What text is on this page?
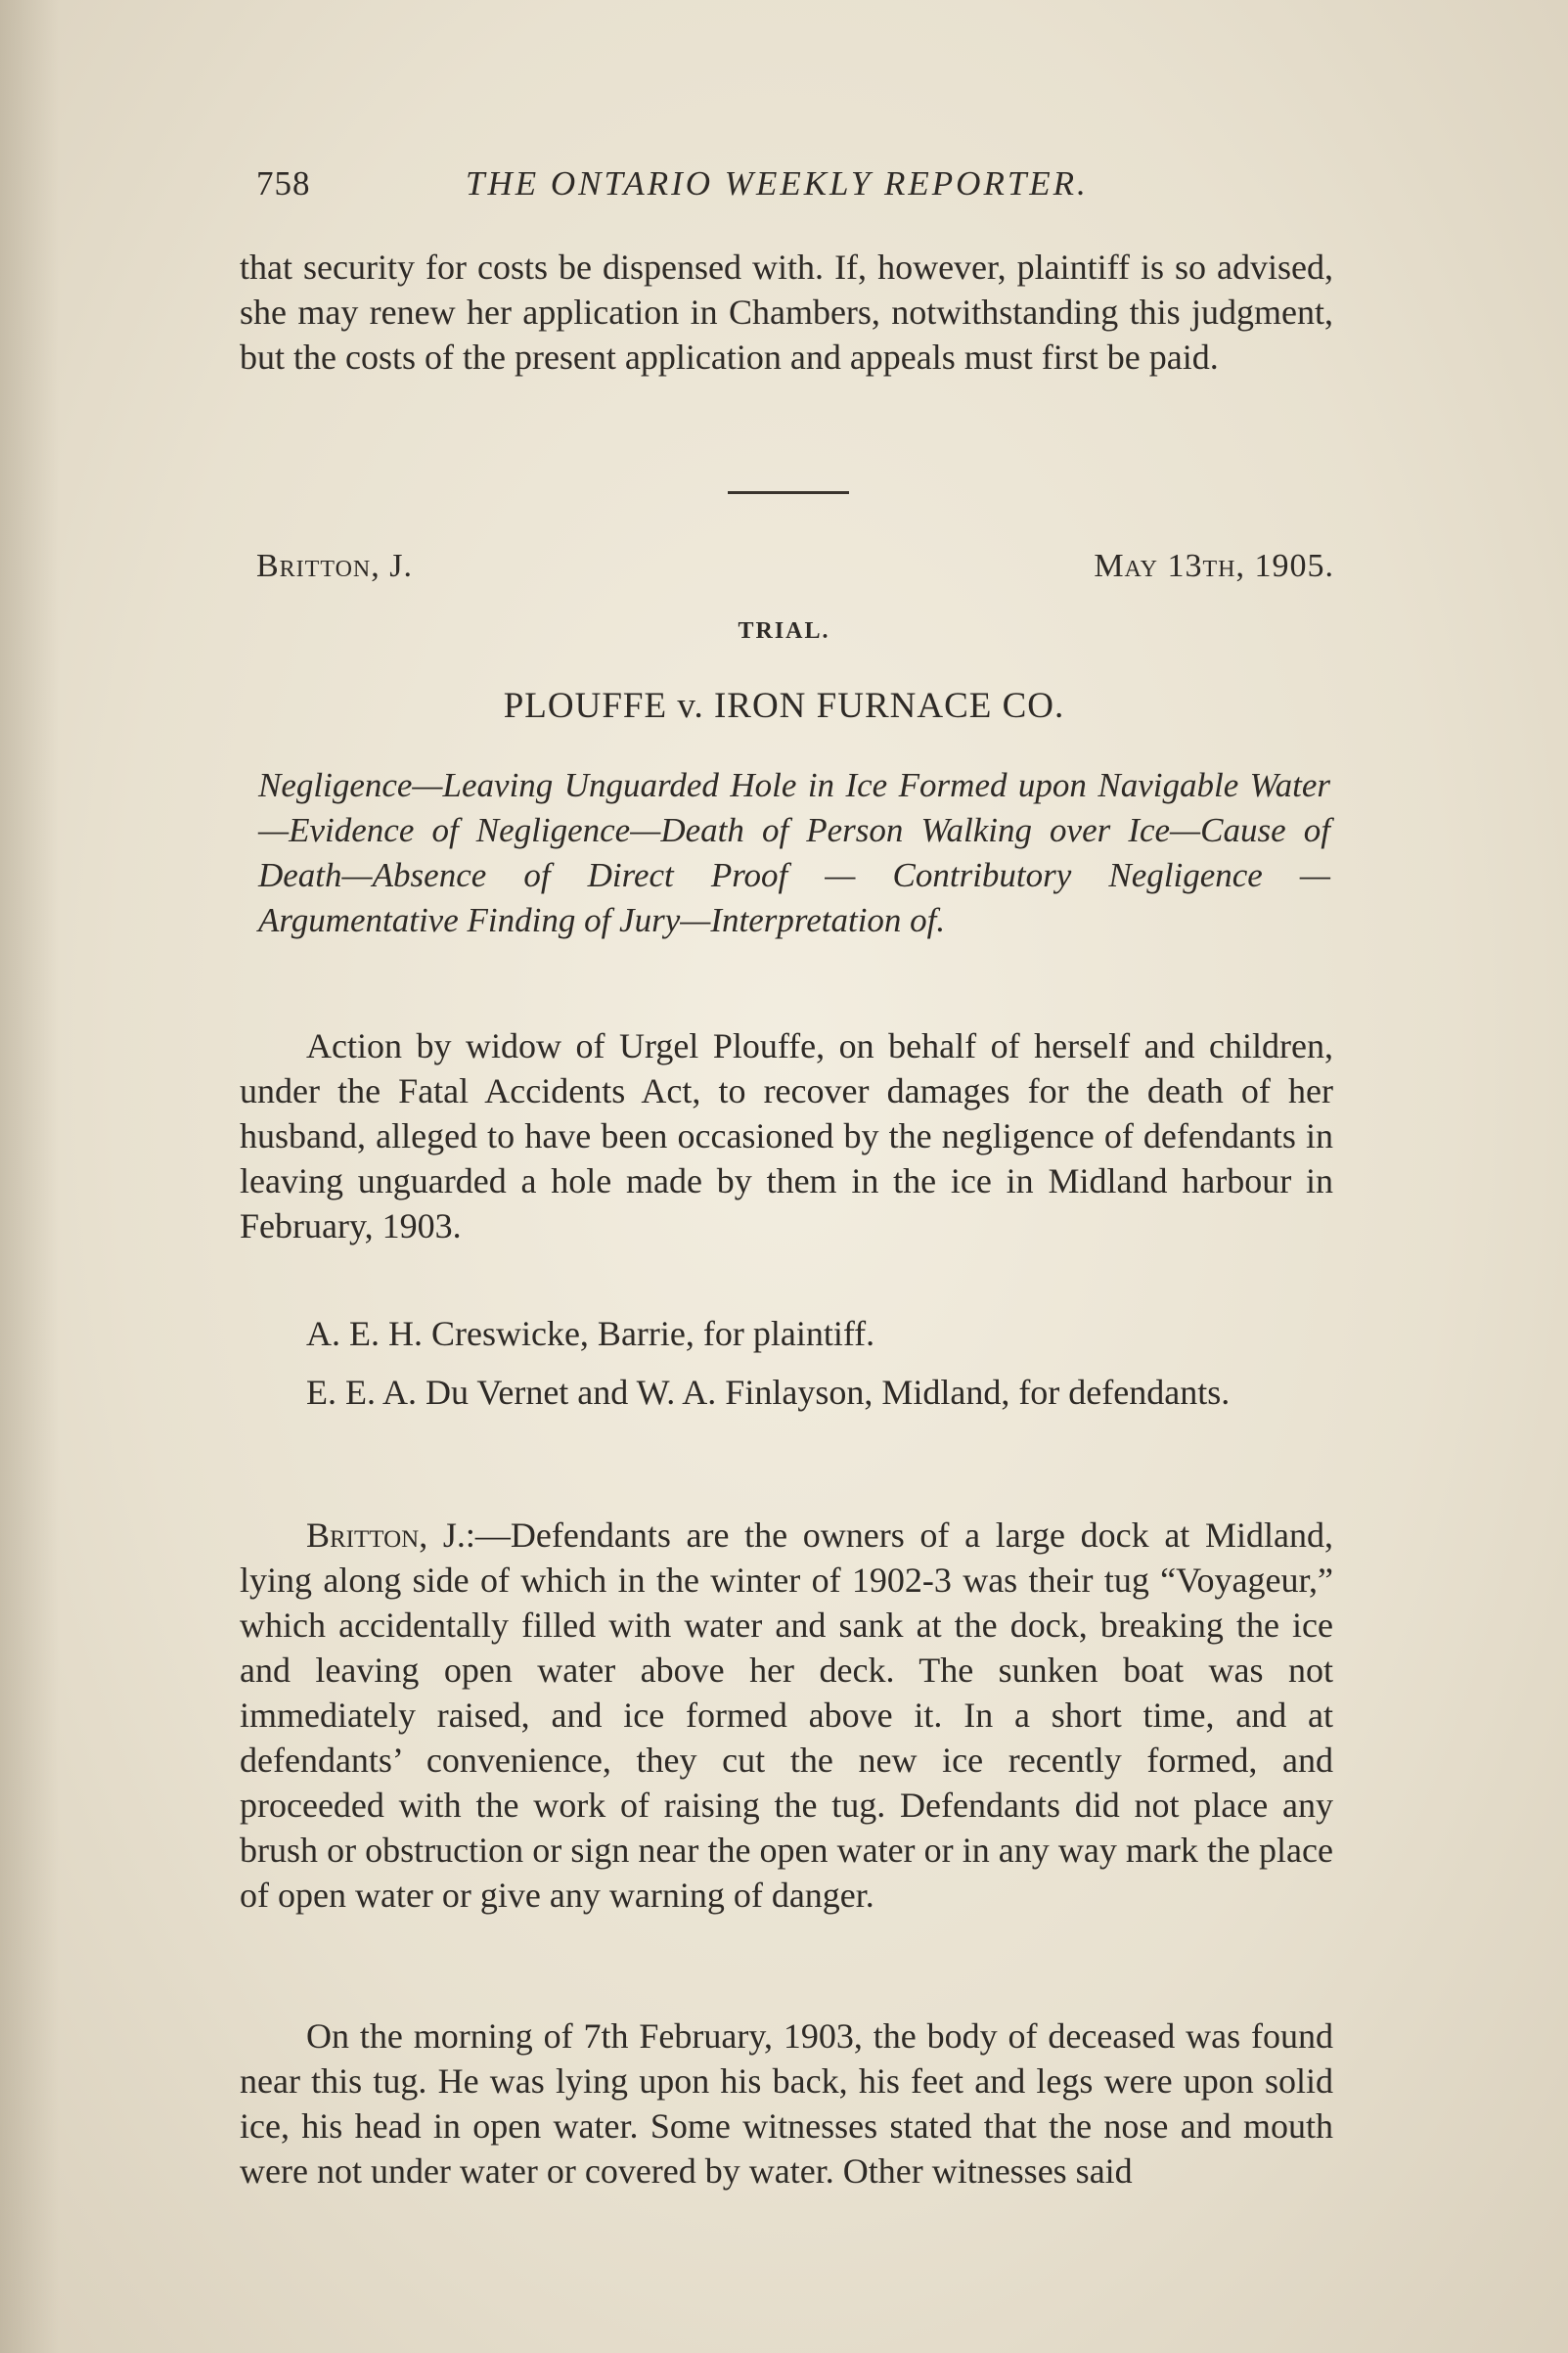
758	THE ONTARIO WEEKLY REPORTER.
that security for costs be dispensed with. If, however, plaintiff is so advised, she may renew her application in Chambers, notwithstanding this judgment, but the costs of the present application and appeals must first be paid.
Britton, J.	May 13th, 1905.
TRIAL.
PLOUFFE v. IRON FURNACE CO.
Negligence—Leaving Unguarded Hole in Ice Formed upon Navigable Water—Evidence of Negligence—Death of Person Walking over Ice—Cause of Death—Absence of Direct Proof — Contributory Negligence — Argumentative Finding of Jury—Interpretation of.
Action by widow of Urgel Plouffe, on behalf of herself and children, under the Fatal Accidents Act, to recover damages for the death of her husband, alleged to have been occasioned by the negligence of defendants in leaving unguarded a hole made by them in the ice in Midland harbour in February, 1903.
A. E. H. Creswicke, Barrie, for plaintiff.
E. E. A. Du Vernet and W. A. Finlayson, Midland, for defendants.
Britton, J.:—Defendants are the owners of a large dock at Midland, lying along side of which in the winter of 1902-3 was their tug “Voyageur,” which accidentally filled with water and sank at the dock, breaking the ice and leaving open water above her deck. The sunken boat was not immediately raised, and ice formed above it. In a short time, and at defendants’ convenience, they cut the new ice recently formed, and proceeded with the work of raising the tug. Defendants did not place any brush or obstruction or sign near the open water or in any way mark the place of open water or give any warning of danger.
On the morning of 7th February, 1903, the body of deceased was found near this tug. He was lying upon his back, his feet and legs were upon solid ice, his head in open water. Some witnesses stated that the nose and mouth were not under water or covered by water. Other witnesses said
